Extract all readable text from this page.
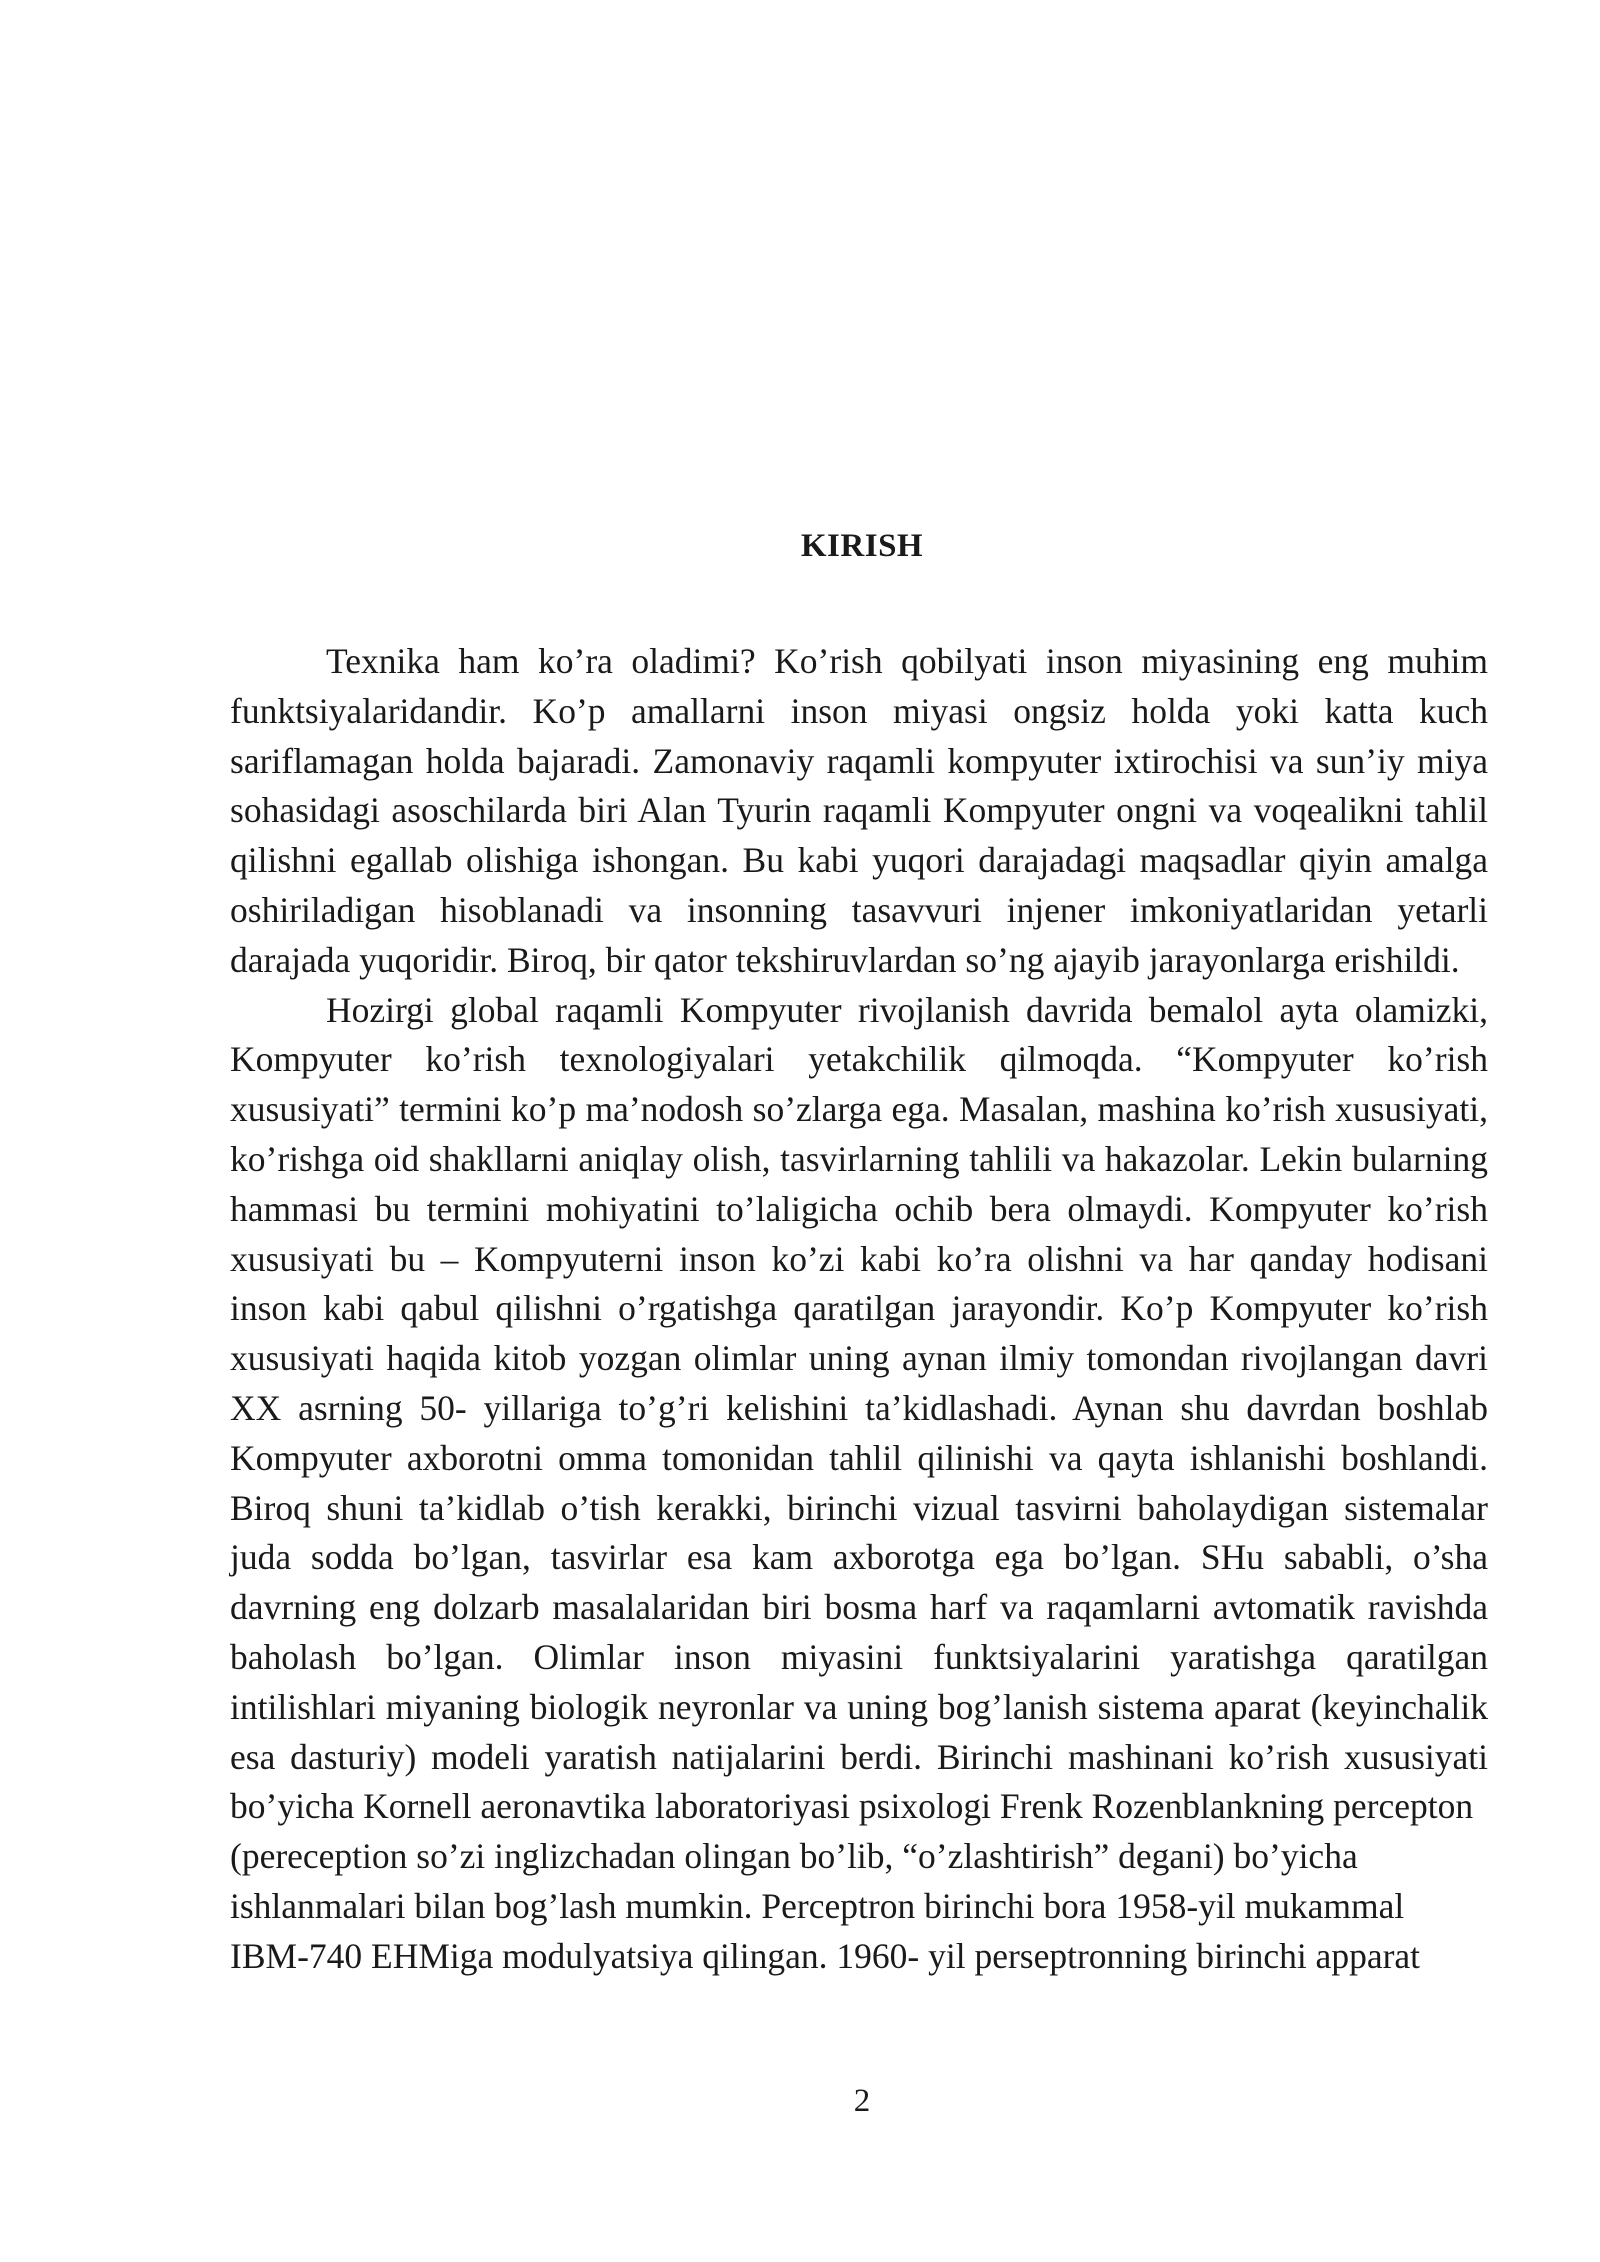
KIRISH

Texnika ham ko’ra oladimi? Ko’rish qobilyati inson miyasining eng muhim funktsiyalaridandir. Ko’p amallarni inson miyasi ongsiz holda yoki katta kuch sariflamagan holda bajaradi. Zamonaviy raqamli kompyuter ixtirochisi va sun’iy miya sohasidagi asoschilarda biri Alan Tyurin raqamli Kompyuter ongni va voqealikni tahlil qilishni egallab olishiga ishongan. Bu kabi yuqori darajadagi maqsadlar qiyin amalga oshiriladigan hisoblanadi va insonning tasavvuri injener imkoniyatlaridan yetarli darajada yuqoridir. Biroq, bir qator tekshiruvlardan so’ng ajayib jarayonlarga erishildi.

Hozirgi global raqamli Kompyuter rivojlanish davrida bemalol ayta olamizki, Kompyuter ko’rish texnologiyalari yetakchilik qilmoqda. “Kompyuter ko’rish xususiyati” termini ko’p ma’nodosh so’zlarga ega. Masalan, mashina ko’rish xususiyati, ko’rishga oid shakllarni aniqlay olish, tasvirlarning tahlili va hakazolar. Lekin bularning hammasi bu termini mohiyatini to’laligicha ochib bera olmaydi. Kompyuter ko’rish xususiyati bu – Kompyuterni inson ko’zi kabi ko’ra olishni va har qanday hodisani inson kabi qabul qilishni o’rgatishga qaratilgan jarayondir. Ko’p Kompyuter ko’rish xususiyati haqida kitob yozgan olimlar uning aynan ilmiy tomondan rivojlangan davri XX asrning 50- yillariga to’g’ri kelishini ta’kidlashadi. Aynan shu davrdan boshlab Kompyuter axborotni omma tomonidan tahlil qilinishi va qayta ishlanishi boshlandi. Biroq shuni ta’kidlab o’tish kerakki, birinchi vizual tasvirni baholaydigan sistemalar juda sodda bo’lgan, tasvirlar esa kam axborotga ega bo’lgan. SHu sababli, o’sha davrning eng dolzarb masalalaridan biri bosma harf va raqamlarni avtomatik ravishda baholash bo’lgan. Olimlar inson miyasini funktsiyalarini yaratishga qaratilgan intilishlari miyaning biologik neyronlar va uning bog’lanish sistema aparat (keyinchalik esa dasturiy) modeli yaratish natijalarini berdi. Birinchi mashinani ko’rish xususiyati bo’yicha Kornell aeronavtika laboratoriyasi psixologi Frenk Rozenblankning percepton

(pereception so’zi inglizchadan olingan bo’lib, “o’zlashtirish” degani) bo’yicha ishlanmalari bilan bog’lash mumkin. Perceptron birinchi bora 1958-yil mukammal IBM-740 EHMiga modulyatsiya qilingan. 1960- yil perseptronning birinchi apparat

2
